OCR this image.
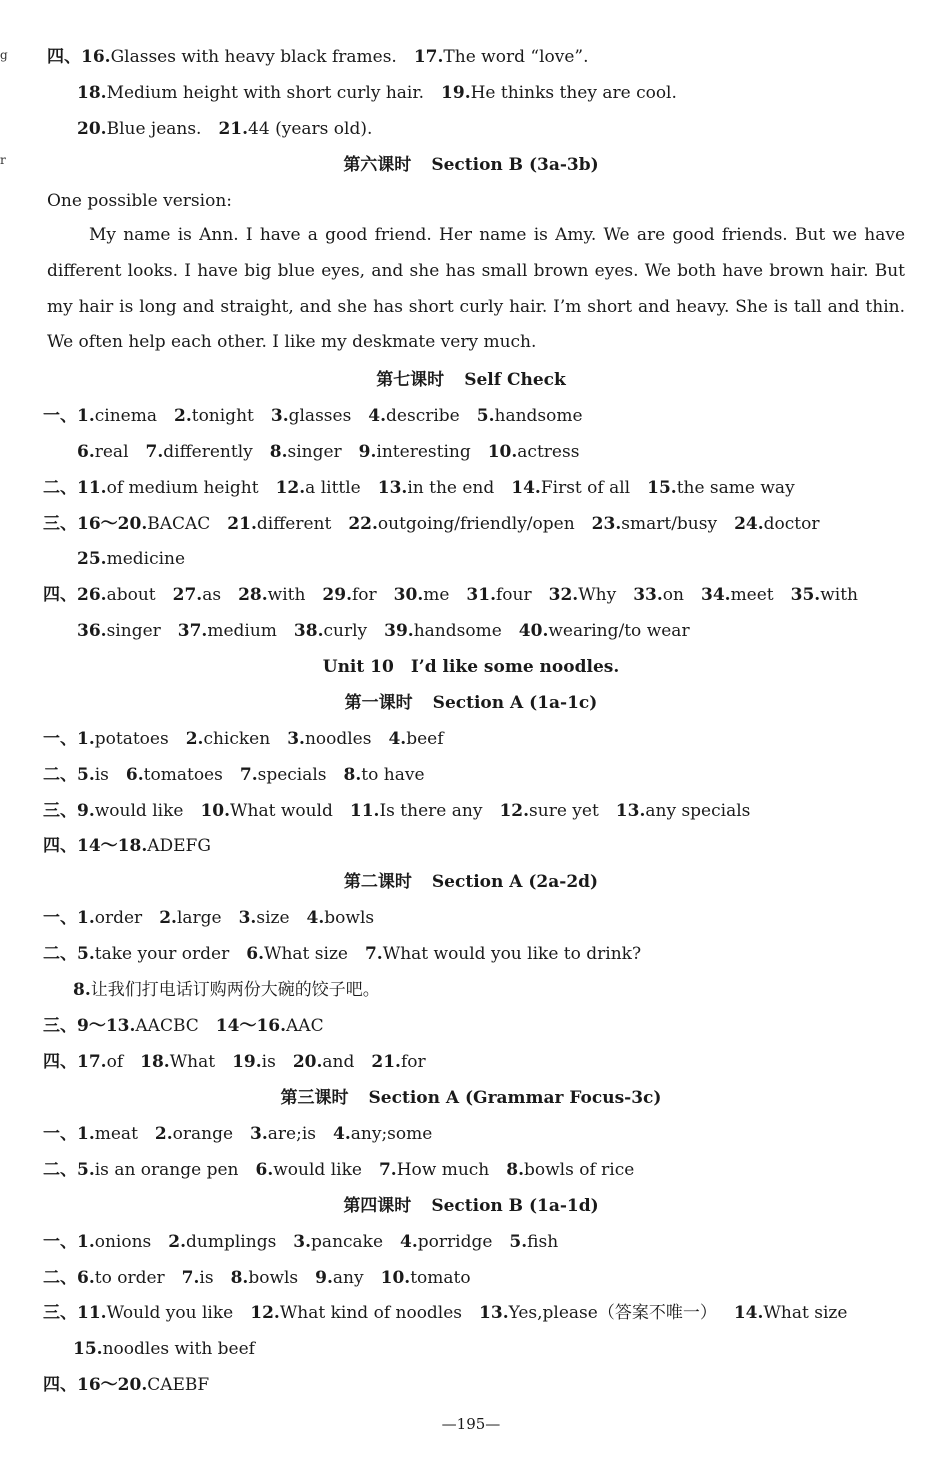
四、16.Glasses with heavy black frames. 17.The word “love”.
18.Medium height with short curly hair. 19.He thinks they are cool.
20.Blue jeans. 21.44 (years old).
一、1.cinema 2.tonight 3.glasses 4.describe 5.handsome
6.real 7.differently 8.singer 9.interesting 10.actress
二、11.of medium height 12.a little 13.in the end 14.First of all 15.the same way
三、16～20.BACAC 21.different 22.outgoing/friendly/open 23.smart/busy 24.doctor
25.medicine
四、26.about 27.as 28.with 29.for 30.me 31.four 32.Why 33.on 34.meet 35.with
36.singer 37.medium 38.curly 39.handsome 40.wearing/to wear
一、1.potatoes 2.chicken 3.noodles 4.beef
二、5.is 6.tomatoes 7.specials 8.to have
三、9.would like 10.What would 11.Is there any 12.sure yet 13.any specials
四、14～18.ADEFG
一、1.order 2.large 3.size 4.bowls
二、5.take your order 6.What size 7.What would you like to drink?
8.让我们打电话订购两份大碗的饺子吧。
三、9～13.AACBC 14～16.AAC
四、17.of 18.What 19.is 20.and 21.for
一、1.meat 2.orange 3.are;is 4.any;some
二、5.is an orange pen 6.would like 7.How much 8.bowls of rice
一、1.onions 2.dumplings 3.pancake 4.porridge 5.fish
二、6.to order 7.is 8.bowls 9.any 10.tomato
三、11.Would you like 12.What kind of noodles 13.Yes,please（答案不唯一） 14.What size
15.noodles with beef
四、16～20.CAEBF
第六课时 Section B (3a-3b)
第七课时 Self Check
Unit 10　I’d like some noodles.
第一课时 Section A (1a-1c)
第二课时 Section A (2a-2d)
第三课时 Section A (Grammar Focus-3c)
第四课时 Section B (1a-1d)
One possible version:
My name is Ann. I have a good friend. Her name is Amy. We are good friends. But we have different looks. I have big blue eyes, and she has small brown eyes. We both have brown hair. But my hair is long and straight, and she has short curly hair. I’m short and heavy. She is tall and thin. We often help each other. I like my deskmate very much.
—195—
g
r
